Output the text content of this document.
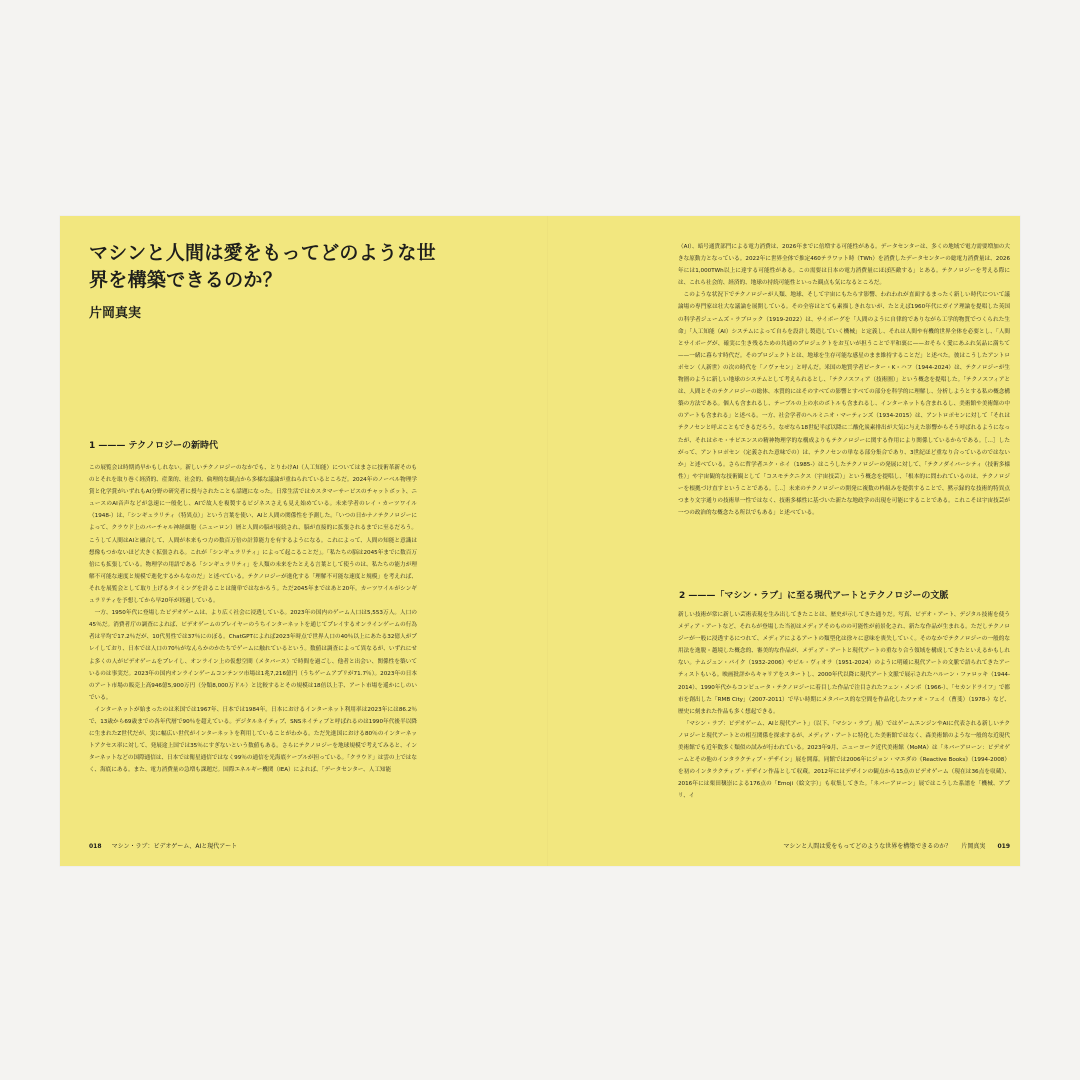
マシンと人間は愛をもってどのような世界を構築できるのか？
片岡真実
1 ——— テクノロジーの新時代

この展覧会は時期尚早かもしれない。新しいテクノロジーのなかでも、とりわけAI（人工知能）についてはまさに技術革新そのものとそれを取り巻く経済的、産業的、社会的、倫理的な観点から多様な議論が重ねられているところだ。2024年のノーベル物理学賞と化学賞がいずれもAI分野の研究者に授与されたことも話題になった。日常生活ではカスタマーサービスのチャットボット、ニュースのAI音声などが急速に一般化し、AIで故人を複製するビジネスさえも見え始めている。未来学者のレイ・カーツワイル（1948-）は、「シンギュラリティ（特異点）」という言葉を使い、AIと人間の関係性を予測した。「いつの日かナノテクノロジーによって、クラウド上のバーチャル神経細胞（ニューロン）層と人間の脳が接続され、脳が直接的に拡張されるまでに至るだろう。こうして人間はAIと融合して、人間が本来もつ力の数百万倍の計算能力を有するようになる。これによって、人間の知能と意識は想像もつかないほど大きく拡張される。これが「シンギュラリティ」によって起こることだ」。「私たちの脳は2045年までに数百万倍にも拡張している。物理学の用語である「シンギュラリティ」を人類の未来をたとえる言葉として使うのは、私たちの能力が理解不可能な速度と規模で進化するからなのだ」と述べている。テクノロジーが進化する「理解不可能な速度と規模」を考えれば、それを展覧会として取り上げるタイミングを計ることは簡単ではなかろう。ただ2045年まではあと20年。カーツワイルがシンギュラリティを予想してから早20年が経過している。

一方、1950年代に登場したビデオゲームは、より広く社会に浸透している。2023年の国内のゲーム人口は5,553万人。人口の45％だ。消費者庁の調査によれば、ビデオゲームのプレイヤーのうちインターネットを通じてプレイするオンラインゲームの行為者は平均で17.2％だが、10代男性では37％にのぼる。ChatGPTによれば2023年時点で世界人口の40％以上にあたる32億人がプレイしており、日本では人口の70％がなんらかのかたちでゲームに触れているという。数値は調査によって異なるが、いずれにせよ多くの人がビデオゲームをプレイし、オンライン上の仮想空間（メタバース）で時間を過ごし、他者と出会い、関係性を築いているのは事実だ。2023年の国内オンラインゲームコンテンツ市場は1兆7,216億円（うちゲームアプリが71.7％）。2023年の日本のアート市場の販売上高946億5,900万円（分類8,000万ドル）と比較するとその規模は18倍以上手、アート市場を遥かにしのいでいる。

インターネットが始まったのは米国では1967年、日本では1984年。日本におけるインターネット利用率は2023年には86.2％で、13歳から69歳までの各年代層で90％を超えている。デジタルネイティブ、SNSネイティブと呼ばれるのは1990年代後半以降に生まれたZ世代だが、実に幅広い世代がインターネットを利用していることがわかる。ただ先進国における80％のインターネットアクセス率に対して、発展途上国では35％にすぎないという数値もある。さらにテクノロジーを地球規模で考えてみると、インターネットなどの国際通信は、日本では衛星通信ではなく99％の通信を光海底ケーブルが担っている。「クラウド」は雲の上ではなく、海底にある。また、電力消費量の急増も課題だ。国際エネルギー機関（IEA）によれば、「データセンター、人工知能

018 マシン・ラブ：ビデオゲーム、AIと現代アート

（AI）、暗号通貨部門による電力消費は、2026年までに倍増する可能性がある。データセンターは、多くの地域で電力需要増加の大きな原動力となっている。2022年に世界全体で推定460テラワット時（TWh）を消費したデータセンターの総電力消費量は、2026年には1,000TWh以上に達する可能性がある。この需要は日本の電力消費量にほぼ匹敵する」とある。テクノロジーを考える際には、これら社会的、経済的、地球の持続可能性といった観点も気になるところだ。

このような状況下でテクノロジーが人類、地球、そして宇宙にもたらす影響、われわれが直面するまったく新しい時代について議論場の専門家は壮大な議論を展開している。その全容はとても素描しきれないが、たとえば1960年代にガイア理論を提唱した英国の科学者ジェームズ・ラブロック（1919-2022）は、サイボーグを「人間のように自律的でありながら工学的物質でつくられた生命」「人工知能（AI）システムによって自らを設計し製造していく機械」と定義し、それは人間や有機的世界全体を必要とし、「人間とサイボーグが、確実に生き残るための共通のプロジェクトをお互いが担うことで平和裏に——おそらく愛にあふれ気品に満ちて——一緒に暮らす時代だ。そのプロジェクトとは、地球を生存可能な感星のまま維持することだ」と述べた。彼はこうしたアントロポセン（人新世）の次の時代を「ノヴァセン」と呼んだ。米国の地質学者ピーター・K・ハフ（1944-2024）は、テクノロジーが生物圏のように新しい地球のシステムとして考えられるとし、「テクノスフィア（技術圏）」という概念を提唱した。「テクノスフィアとは、人間とそのテクノロジーの総体、本質的にはそのすべての影響とすべての部分を科学的に理解し、分析しようとする私の概念構築の方法である。個人も含まれるし、テーブルの上の水のボトルも含まれるし、インターネットも含まれるし、美術館や美術館の中のアートも含まれる」と述べる。一方、社会学者のヘルミニオ・マーティンズ（1934-2015）は、アントロポセンに対して「それはテクノセンと呼ぶこともできるだろう。なぜなら18世紀半ば以降に二酸化炭素排出が大気に与えた影響からそう呼ばれるようになったが、それはホモ・サピエンスの精神物理学的な構成よりもテクノロジーに関する作用により関係しているからである。［…］したがって、アントロポセン（定義された意味での）は、テクノセンの単なる部分集合であり、3世紀ほど重なり合っているのではないか」と述べている。さらに哲学者ユク・ホイ（1985-）はこうしたテクノロジーの発展に対して、「テクノダイバーシティ（技術多様性）」や宇宙観的な技術観として「コスモテクニクス（宇宙技芸）」という概念を提唱し、「根本的に問われているのは、テクノロジーを根拠づけ直すということである。［…］未来のテクノロジーの開発に複数の枠組みを提供することで、黙示録的な技術的特異点つまり文字通りの技術単一性ではなく、技術多様性に基づいた新たな地政学の出現を可能にすることである。これこそは宇宙技芸が一つの政治的な概念たる所以でもある」と述べている。

2 ———「マシン・ラブ」に至る現代アートとテクノロジーの文脈

新しい技術が常に新しい芸術表現を生み出してきたことは、歴史が示してきた通りだ。写真、ビデオ・アート、デジタル技術を使うメディア・アートなど、それらが登場した当初はメディアそのものの可能性が前景化され、新たな作品が生まれる。ただしテクノロジーが一般に浸透するにつれて、メディアによるアートの類型化は徐々に意味を喪失していく。そのなかでテクノロジーの一般的な用法を逸脱・越境した概念的、審美的な作品が、メディア・アートと現代アートの重なり合う領域を構成してきたといえるかもしれない。ナムジュン・パイク（1932-2006）やビル・ヴィオラ（1951-2024）のように明確に現代アートの文脈で語られてきたアーティストもいる。映画批評からキャリアをスタートし、2000年代以降に現代アート文脈で展示されたハルーン・ファロッキ（1944-2014）、1990年代からコンピュータ・テクノロジーに着目した作品で注目されたフェン・メンボ（1966-）、「セカンドライフ」で都市を創出した「RMB City」（2007-2011）で早い時期にメタバース的な空間を作品化したツァオ・フェイ（曹斐）（1978-）など、歴史に刻まれた作品も多く想起できる。

「マシン・ラブ：ビデオゲーム、AIと現代アート」（以下、「マシン・ラブ」展）ではゲームエンジンやAIに代表される新しいテクノロジーと現代アートとの相互関係を探求するが、メディア・アートに特化した美術館ではなく、森美術館のような一般的な近現代美術館でも近年数多く類似の試みが行われている。2023年9月、ニューヨーク近代美術館（MoMA）は「ネバーアローン：ビデオゲームとその他のインタラクティブ・デザイン」展を開幕。同館では2006年にジョン・マエダの《Reactive Books》（1994-2008）を初のインタラクティブ・デザイン作品として収蔵。2012年にはデザインの観点から15点のビデオゲーム（現在は36点を収蔵）、2016年には栗田穣崇による176点の「Emoji（絵文字）」も収集してきた。「ネバーアローン」展ではこうした系譜を「機械、アプリ、イ

マシンと人間は愛をもってどのような世界を構築できるのか？ 片岡真実 019
